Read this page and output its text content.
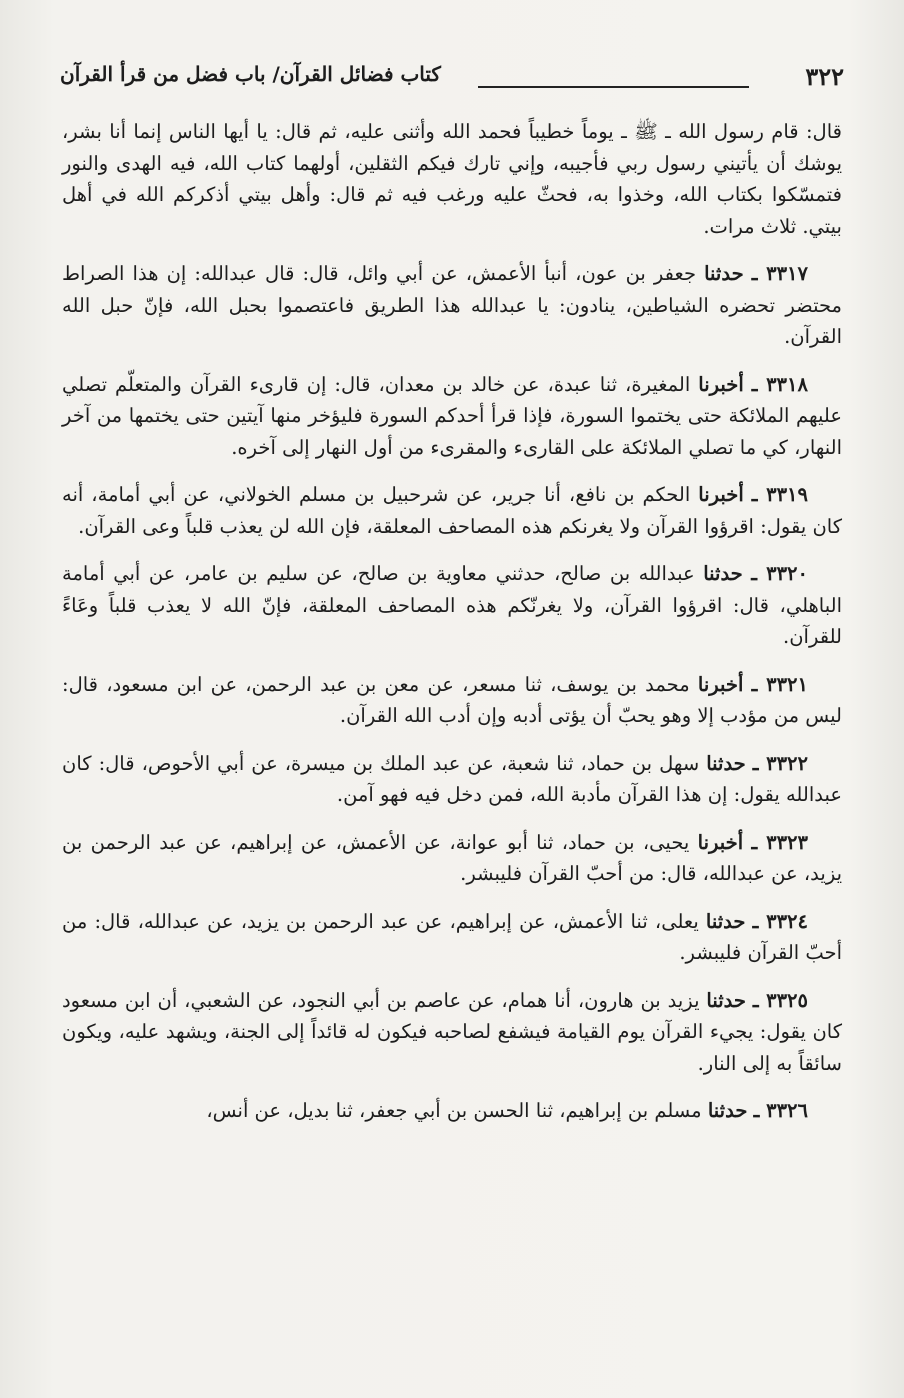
٣٢٢
كتاب فضائل القرآن/ باب فضل من قرأ القرآن

قال: قام رسول الله ـ ﷺ ـ يوماً خطيباً فحمد الله وأثنى عليه، ثم قال: يا أيها الناس إنما أنا بشر، يوشك أن يأتيني رسول ربي فأجيبه، وإني تارك فيكم الثقلين، أولهما كتاب الله، فيه الهدى والنور فتمسّكوا بكتاب الله، وخذوا به، فحثّ عليه ورغب فيه ثم قال: وأهل بيتي أذكركم الله في أهل بيتي. ثلاث مرات.

٣٣١٧ ـ حدثنا جعفر بن عون، أنبأ الأعمش، عن أبي وائل، قال: قال عبدالله: إن هذا الصراط محتضر تحضره الشياطين، ينادون: يا عبدالله هذا الطريق فاعتصموا بحبل الله، فإنّ حبل الله القرآن.

٣٣١٨ ـ أخبرنا المغيرة، ثنا عبدة، عن خالد بن معدان، قال: إن قارىء القرآن والمتعلّم تصلي عليهم الملائكة حتى يختموا السورة، فإذا قرأ أحدكم السورة فليؤخر منها آيتين حتى يختمها من آخر النهار، كي ما تصلي الملائكة على القارىء والمقرىء من أول النهار إلى آخره.

٣٣١٩ ـ أخبرنا الحكم بن نافع، أنا جرير، عن شرحبيل بن مسلم الخولاني، عن أبي أمامة، أنه كان يقول: اقرؤوا القرآن ولا يغرنكم هذه المصاحف المعلقة، فإن الله لن يعذب قلباً وعى القرآن.

٣٣٢٠ ـ حدثنا عبدالله بن صالح، حدثني معاوية بن صالح، عن سليم بن عامر، عن أبي أمامة الباهلي، قال: اقرؤوا القرآن، ولا يغرنّكم هذه المصاحف المعلقة، فإنّ الله لا يعذب قلباً وعَاءً للقرآن.

٣٣٢١ ـ أخبرنا محمد بن يوسف، ثنا مسعر، عن معن بن عبد الرحمن، عن ابن مسعود، قال: ليس من مؤدب إلا وهو يحبّ أن يؤتى أدبه وإن أدب الله القرآن.

٣٣٢٢ ـ حدثنا سهل بن حماد، ثنا شعبة، عن عبد الملك بن ميسرة، عن أبي الأحوص، قال: كان عبدالله يقول: إن هذا القرآن مأدبة الله، فمن دخل فيه فهو آمن.

٣٣٢٣ ـ أخبرنا يحيى، بن حماد، ثنا أبو عوانة، عن الأعمش، عن إبراهيم، عن عبد الرحمن بن يزيد، عن عبدالله، قال: من أحبّ القرآن فليبشر.

٣٣٢٤ ـ حدثنا يعلى، ثنا الأعمش، عن إبراهيم، عن عبد الرحمن بن يزيد، عن عبدالله، قال: من أحبّ القرآن فليبشر.

٣٣٢٥ ـ حدثنا يزيد بن هارون، أنا همام، عن عاصم بن أبي النجود، عن الشعبي، أن ابن مسعود كان يقول: يجيء القرآن يوم القيامة فيشفع لصاحبه فيكون له قائداً إلى الجنة، ويشهد عليه، ويكون سائقاً به إلى النار.

٣٣٢٦ ـ حدثنا مسلم بن إبراهيم، ثنا الحسن بن أبي جعفر، ثنا بديل، عن أنس،
